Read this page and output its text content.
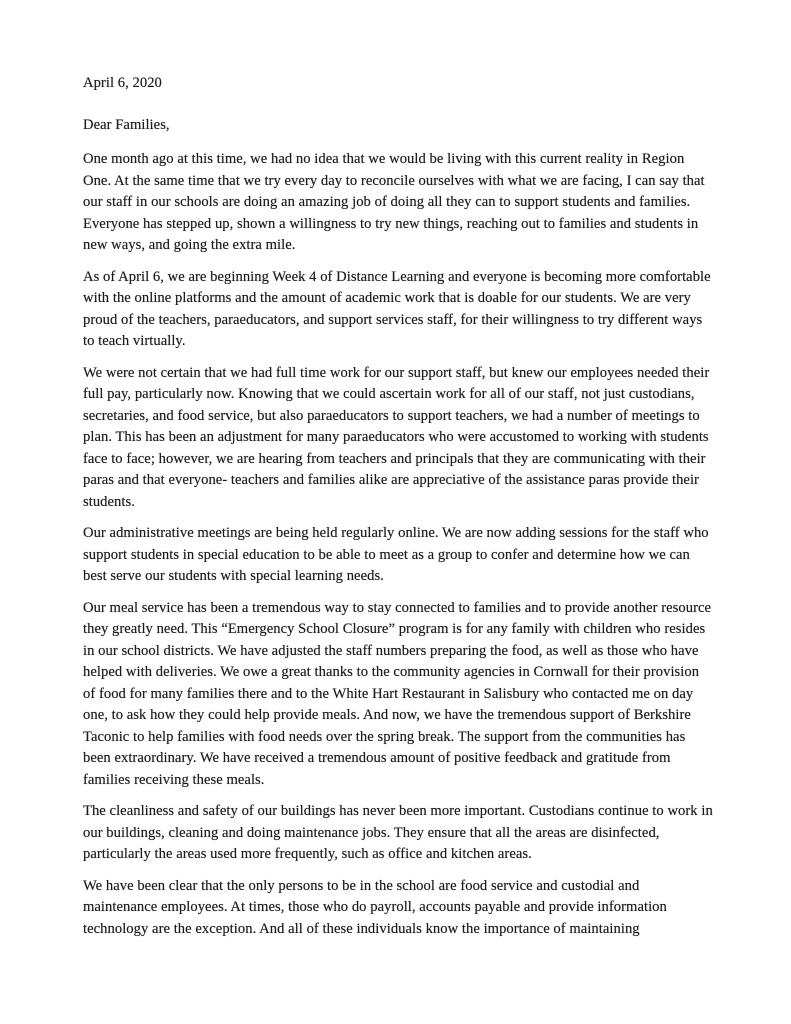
April 6, 2020
Dear Families,

One month ago at this time, we had no idea that we would be living with this current reality in Region One. At the same time that we try every day to reconcile ourselves with what we are facing, I can say that our staff in our schools are doing an amazing job of doing all they can to support students and families. Everyone has stepped up, shown a willingness to try new things, reaching out to families and students in new ways, and going the extra mile.

As of April 6, we are beginning Week 4 of Distance Learning and everyone is becoming more comfortable with the online platforms and the amount of academic work that is doable for our students. We are very proud of the teachers, paraeducators, and support services staff, for their willingness to try different ways to teach virtually.

We were not certain that we had full time work for our support staff, but knew our employees needed their full pay, particularly now. Knowing that we could ascertain work for all of our staff, not just custodians, secretaries, and food service, but also paraeducators to support teachers, we had a number of meetings to plan. This has been an adjustment for many paraeducators who were accustomed to working with students face to face; however, we are hearing from teachers and principals that they are communicating with their paras and that everyone- teachers and families alike are appreciative of the assistance paras provide their students.

Our administrative meetings are being held regularly online. We are now adding sessions for the staff who support students in special education to be able to meet as a group to confer and determine how we can best serve our students with special learning needs.

Our meal service has been a tremendous way to stay connected to families and to provide another resource they greatly need. This “Emergency School Closure” program is for any family with children who resides in our school districts. We have adjusted the staff numbers preparing the food, as well as those who have helped with deliveries. We owe a great thanks to the community agencies in Cornwall for their provision of food for many families there and to the White Hart Restaurant in Salisbury who contacted me on day one, to ask how they could help provide meals. And now, we have the tremendous support of Berkshire Taconic to help families with food needs over the spring break. The support from the communities has been extraordinary. We have received a tremendous amount of positive feedback and gratitude from families receiving these meals.

The cleanliness and safety of our buildings has never been more important. Custodians continue to work in our buildings, cleaning and doing maintenance jobs. They ensure that all the areas are disinfected, particularly the areas used more frequently, such as office and kitchen areas.

We have been clear that the only persons to be in the school are food service and custodial and maintenance employees. At times, those who do payroll, accounts payable and provide information technology are the exception. And all of these individuals know the importance of maintaining
